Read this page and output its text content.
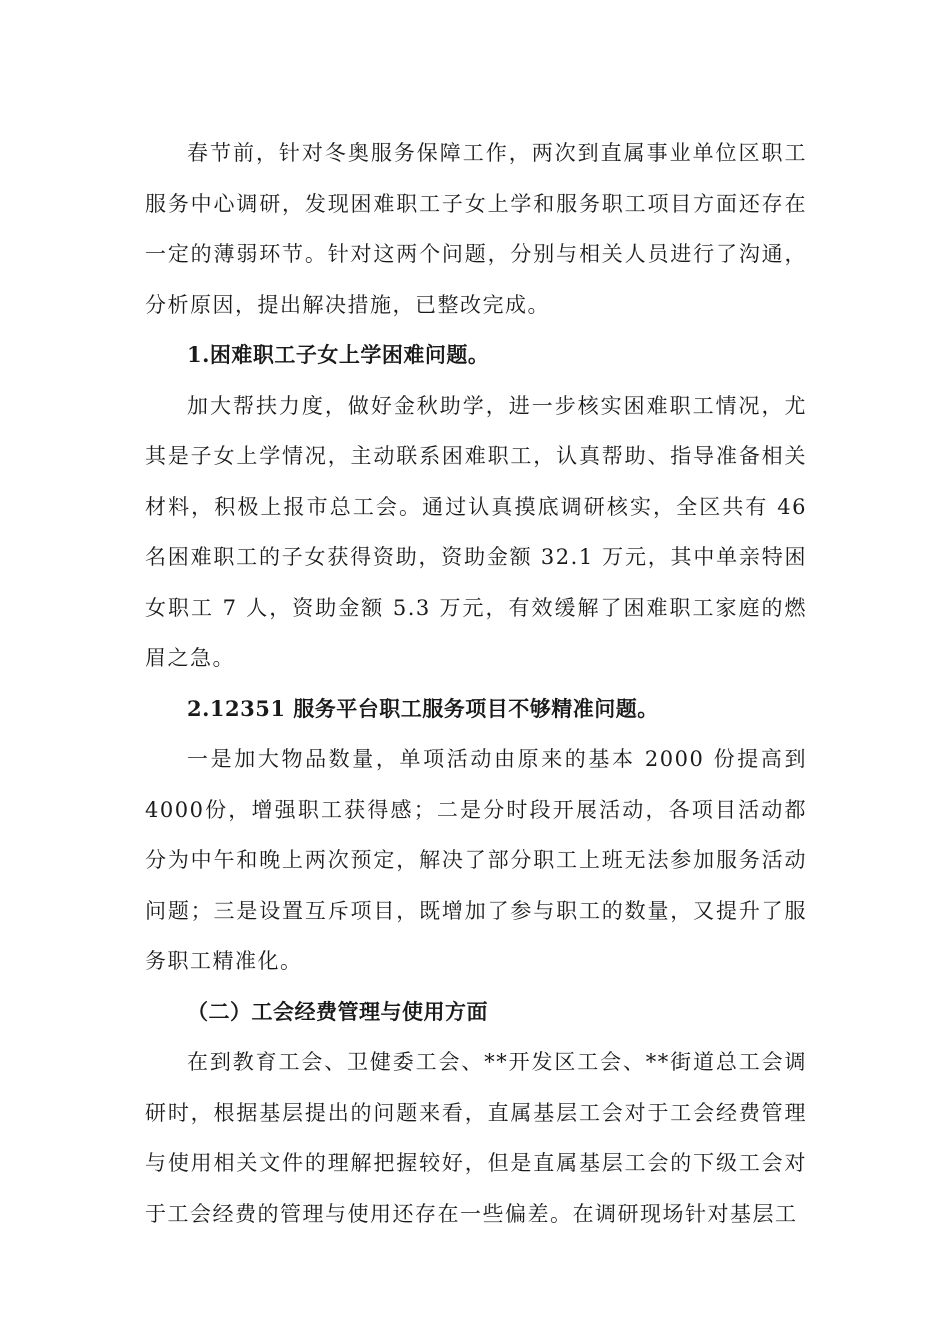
春节前，针对冬奥服务保障工作，两次到直属事业单位区职工服务中心调研，发现困难职工子女上学和服务职工项目方面还存在一定的薄弱环节。针对这两个问题，分别与相关人员进行了沟通，分析原因，提出解决措施，已整改完成。

1.困难职工子女上学困难问题。

加大帮扶力度，做好金秋助学，进一步核实困难职工情况，尤其是子女上学情况，主动联系困难职工，认真帮助、指导准备相关材料，积极上报市总工会。通过认真摸底调研核实，全区共有 46 名困难职工的子女获得资助，资助金额 32.1 万元，其中单亲特困女职工 7 人，资助金额 5.3 万元，有效缓解了困难职工家庭的燃眉之急。

2.12351 服务平台职工服务项目不够精准问题。

一是加大物品数量，单项活动由原来的基本 2000 份提高到 4000份，增强职工获得感；二是分时段开展活动，各项目活动都分为中午和晚上两次预定，解决了部分职工上班无法参加服务活动问题；三是设置互斥项目，既增加了参与职工的数量，又提升了服务职工精准化。

（二）工会经费管理与使用方面

在到教育工会、卫健委工会、**开发区工会、**街道总工会调研时，根据基层提出的问题来看，直属基层工会对于工会经费管理与使用相关文件的理解把握较好，但是直属基层工会的下级工会对于工会经费的管理与使用还存在一些偏差。在调研现场针对基层工
